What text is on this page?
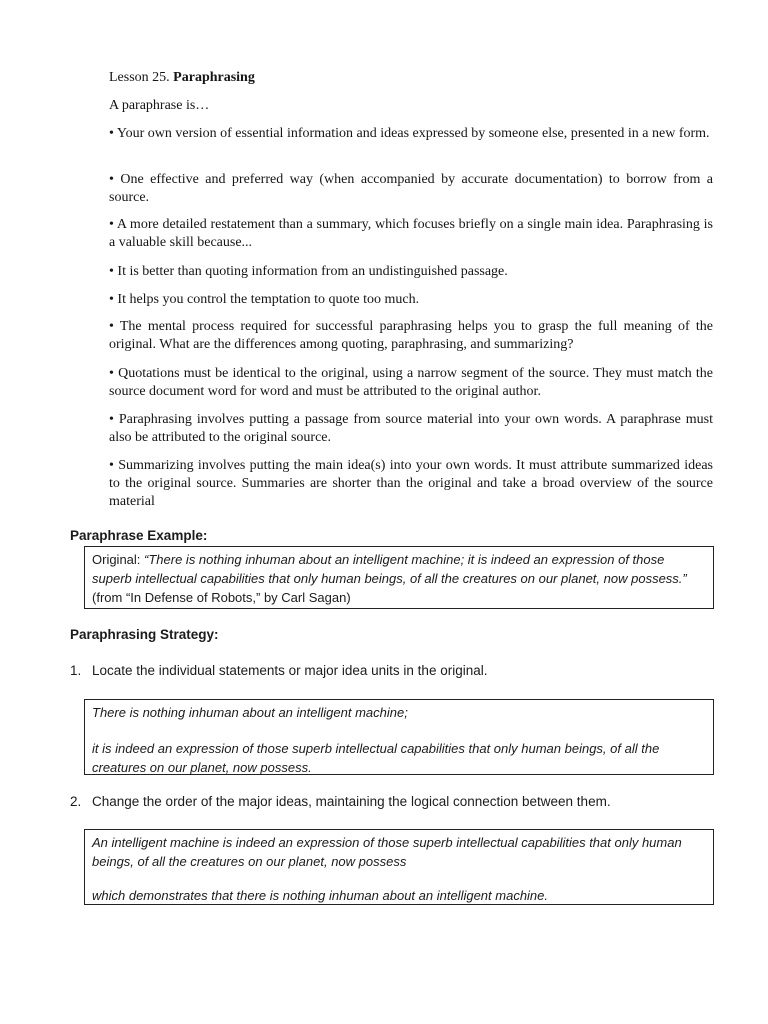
Lesson 25. Paraphrasing

A paraphrase is…

• Your own version of essential information and ideas expressed by someone else, presented in a new form.

• One effective and preferred way (when accompanied by accurate documentation) to borrow from a source.

• A more detailed restatement than a summary, which focuses briefly on a single main idea. Paraphrasing is a valuable skill because...

• It is better than quoting information from an undistinguished passage.

• It helps you control the temptation to quote too much.

• The mental process required for successful paraphrasing helps you to grasp the full meaning of the original. What are the differences among quoting, paraphrasing, and summarizing?

• Quotations must be identical to the original, using a narrow segment of the source. They must match the source document word for word and must be attributed to the original author.

• Paraphrasing involves putting a passage from source material into your own words. A paraphrase must also be attributed to the original source.

• Summarizing involves putting the main idea(s) into your own words. It must attribute summarized ideas to the original source. Summaries are shorter than the original and take a broad overview of the source material

Paraphrase Example:

Original: “There is nothing inhuman about an intelligent machine; it is indeed an expression of those superb intellectual capabilities that only human beings, of all the creatures on our planet, now possess.”

(from “In Defense of Robots,” by Carl Sagan)

Paraphrasing Strategy:
1. Locate the individual statements or major idea units in the original.

There is nothing inhuman about an intelligent machine;

it is indeed an expression of those superb intellectual capabilities that only human beings, of all the creatures on our planet, now possess.

2. Change the order of the major ideas, maintaining the logical connection between them.

An intelligent machine is indeed an expression of those superb intellectual capabilities that only human beings, of all the creatures on our planet, now possess

which demonstrates that there is nothing inhuman about an intelligent machine.
